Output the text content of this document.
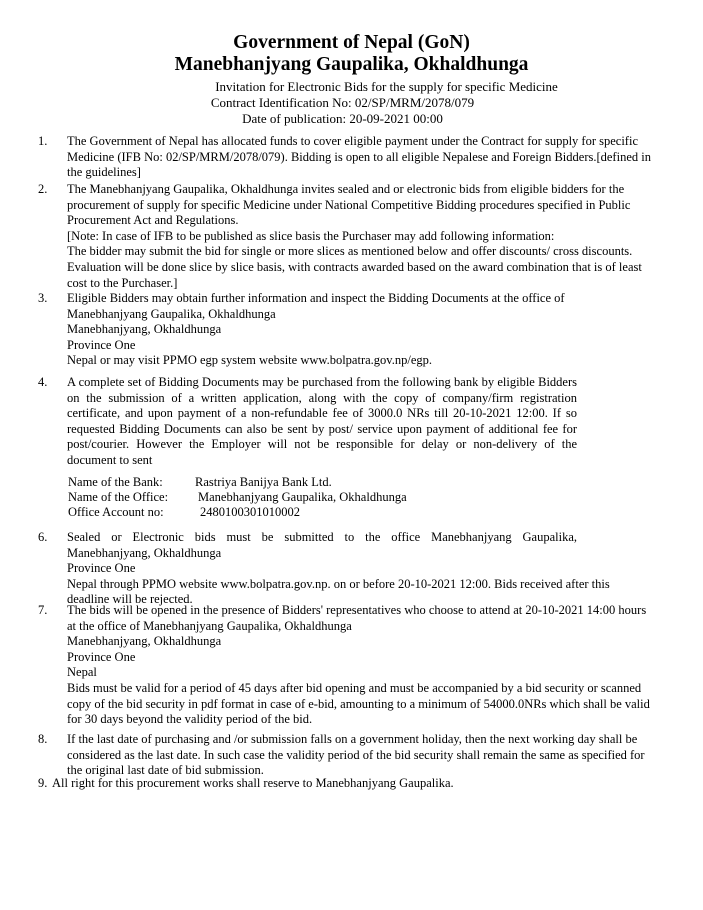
Government of Nepal (GoN)
Manebhanjyang Gaupalika, Okhaldhunga
Invitation for Electronic Bids for the supply for specific Medicine
Contract Identification No: 02/SP/MRM/2078/079
Date of publication: 20-09-2021 00:00
1. The Government of Nepal has allocated funds to cover eligible payment under the Contract for supply for specific Medicine (IFB No: 02/SP/MRM/2078/079). Bidding is open to all eligible Nepalese and Foreign Bidders.[defined in the guidelines]

2. The Manebhanjyang Gaupalika, Okhaldhunga invites sealed and or electronic bids from eligible bidders for the procurement of supply for specific Medicine under National Competitive Bidding procedures specified in Public Procurement Act and Regulations.

[Note: In case of IFB to be published as slice basis the Purchaser may add following information:

The bidder may submit the bid for single or more slices as mentioned below and offer discounts/ cross discounts. Evaluation will be done slice by slice basis, with contracts awarded based on the award combination that is of least cost to the Purchaser.]

3. Eligible Bidders may obtain further information and inspect the Bidding Documents at the office of

Manebhanjyang Gaupalika, Okhaldhunga

Manebhanjyang, Okhaldhunga

Province One

Nepal or may visit PPMO egp system website www.bolpatra.gov.np/egp.

4. A complete set of Bidding Documents may be purchased from the following bank by eligible Bidders on the submission of a written application, along with the copy of company/firm registration certificate, and upon payment of a non-refundable fee of 3000.0 NRs till 20-10-2021 12:00. If so requested Bidding Documents can also be sent by post/ service upon payment of additional fee for post/courier. However the Employer will not be responsible for delay or non-delivery of the document to sent

Name of the Bank:	Rastriya Banijya Bank Ltd.
Name of the Office: Manebhanjyang Gaupalika, Okhaldhunga
Office Account no:	2480100301010002
6. Sealed or Electronic bids must be submitted to the office Manebhanjyang Gaupalika, Manebhanjyang, Okhaldhunga

Province One

Nepal through PPMO website www.bolpatra.gov.np. on or before 20-10-2021 12:00. Bids received after this deadline will be rejected.

7. The bids will be opened in the presence of Bidders' representatives who choose to attend at 20-10-2021 14:00 hours at the office of Manebhanjyang Gaupalika, Okhaldhunga

Manebhanjyang, Okhaldhunga

Province One

Nepal

Bids must be valid for a period of 45 days after bid opening and must be accompanied by a bid security or scanned copy of the bid security in pdf format in case of e-bid, amounting to a minimum of 54000.0NRs which shall be valid for 30 days beyond the validity period of the bid.

8. If the last date of purchasing and /or submission falls on a government holiday, then the next working day shall be considered as the last date. In such case the validity period of the bid security shall remain the same as specified for the original last date of bid submission.

9. All right for this procurement works shall reserve to Manebhanjyang Gaupalika.
